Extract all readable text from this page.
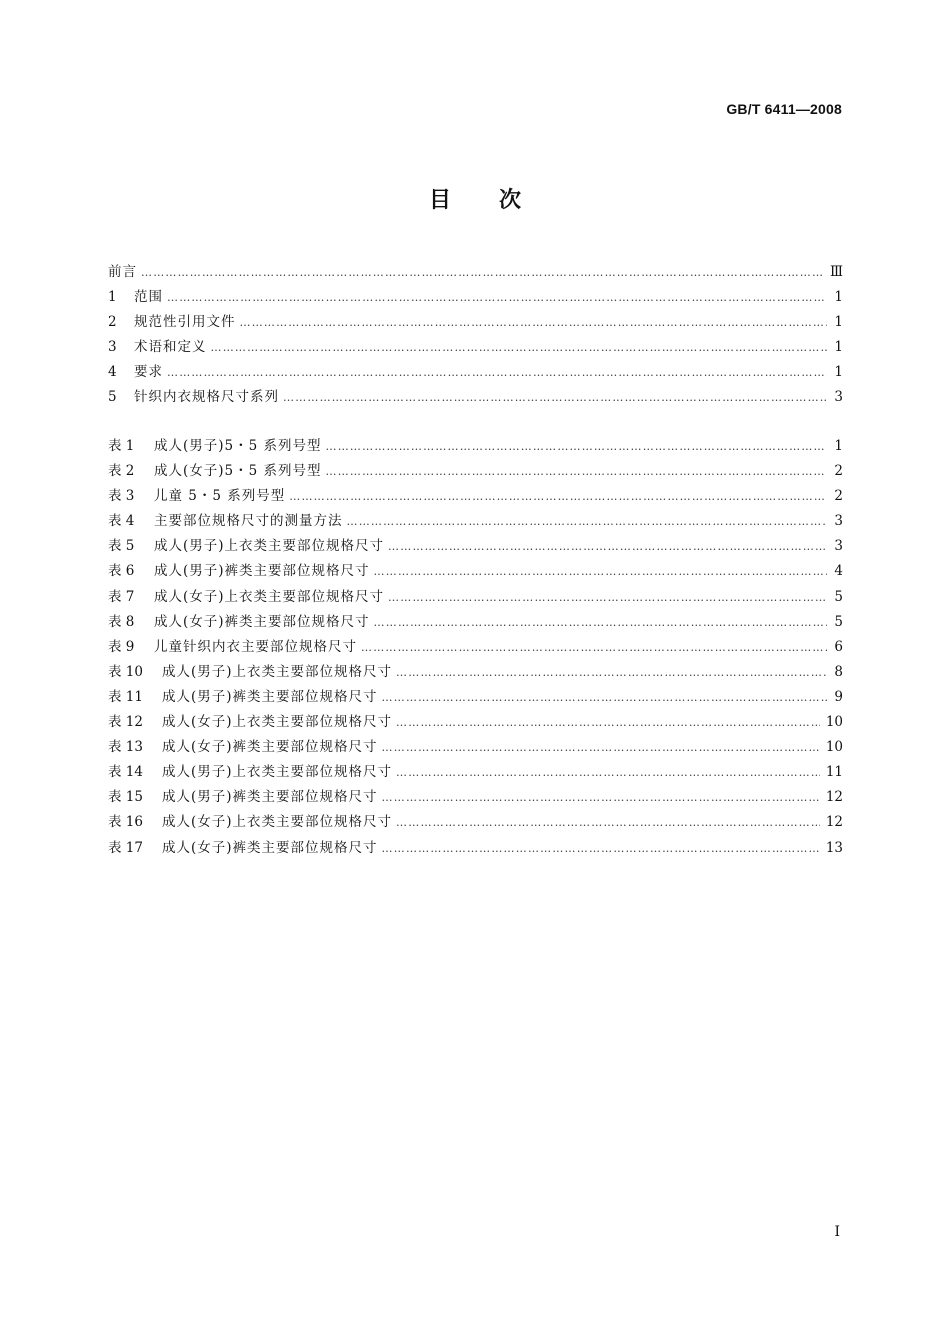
GB/T 6411—2008
目次
前言 ……………………………………………………………………………………………………………………………………………………………………………………………………………………………………	Ⅲ
1	范围 ……………………………………………………………………………………………………………………………………………………………………………………………………………………………………	1
2	规范性引用文件 ……………………………………………………………………………………………………………………………………………………………………………………………………………………………………	1
3	术语和定义 ……………………………………………………………………………………………………………………………………………………………………………………………………………………………………	1
4	要求 ……………………………………………………………………………………………………………………………………………………………………………………………………………………………………	1
5	针织内衣规格尺寸系列 ……………………………………………………………………………………………………………………………………………………………………………………………………………………………………	3
表 1	成人(男子)5・5 系列号型 ……………………………………………………………………………………………………………………………………………………………………………………………………………………………………	1
表 2	成人(女子)5・5 系列号型 ……………………………………………………………………………………………………………………………………………………………………………………………………………………………………	2
表 3	儿童 5・5 系列号型 ……………………………………………………………………………………………………………………………………………………………………………………………………………………………………	2
表 4	主要部位规格尺寸的测量方法 ……………………………………………………………………………………………………………………………………………………………………………………………………………………………………	3
表 5	成人(男子)上衣类主要部位规格尺寸 ……………………………………………………………………………………………………………………………………………………………………………………………………………………………………	3
表 6	成人(男子)裤类主要部位规格尺寸 ……………………………………………………………………………………………………………………………………………………………………………………………………………………………………	4
表 7	成人(女子)上衣类主要部位规格尺寸 ……………………………………………………………………………………………………………………………………………………………………………………………………………………………………	5
表 8	成人(女子)裤类主要部位规格尺寸 ……………………………………………………………………………………………………………………………………………………………………………………………………………………………………	5
表 9	儿童针织内衣主要部位规格尺寸 ……………………………………………………………………………………………………………………………………………………………………………………………………………………………………	6
表 10	成人(男子)上衣类主要部位规格尺寸 ……………………………………………………………………………………………………………………………………………………………………………………………………………………………………	8
表 11	成人(男子)裤类主要部位规格尺寸 ……………………………………………………………………………………………………………………………………………………………………………………………………………………………………	9
表 12	成人(女子)上衣类主要部位规格尺寸 ……………………………………………………………………………………………………………………………………………………………………………………………………………………………………	10
表 13	成人(女子)裤类主要部位规格尺寸 ……………………………………………………………………………………………………………………………………………………………………………………………………………………………………	10
表 14	成人(男子)上衣类主要部位规格尺寸 ……………………………………………………………………………………………………………………………………………………………………………………………………………………………………	11
表 15	成人(男子)裤类主要部位规格尺寸 ……………………………………………………………………………………………………………………………………………………………………………………………………………………………………	12
表 16	成人(女子)上衣类主要部位规格尺寸 ……………………………………………………………………………………………………………………………………………………………………………………………………………………………………	12
表 17	成人(女子)裤类主要部位规格尺寸 ……………………………………………………………………………………………………………………………………………………………………………………………………………………………………	13
I
